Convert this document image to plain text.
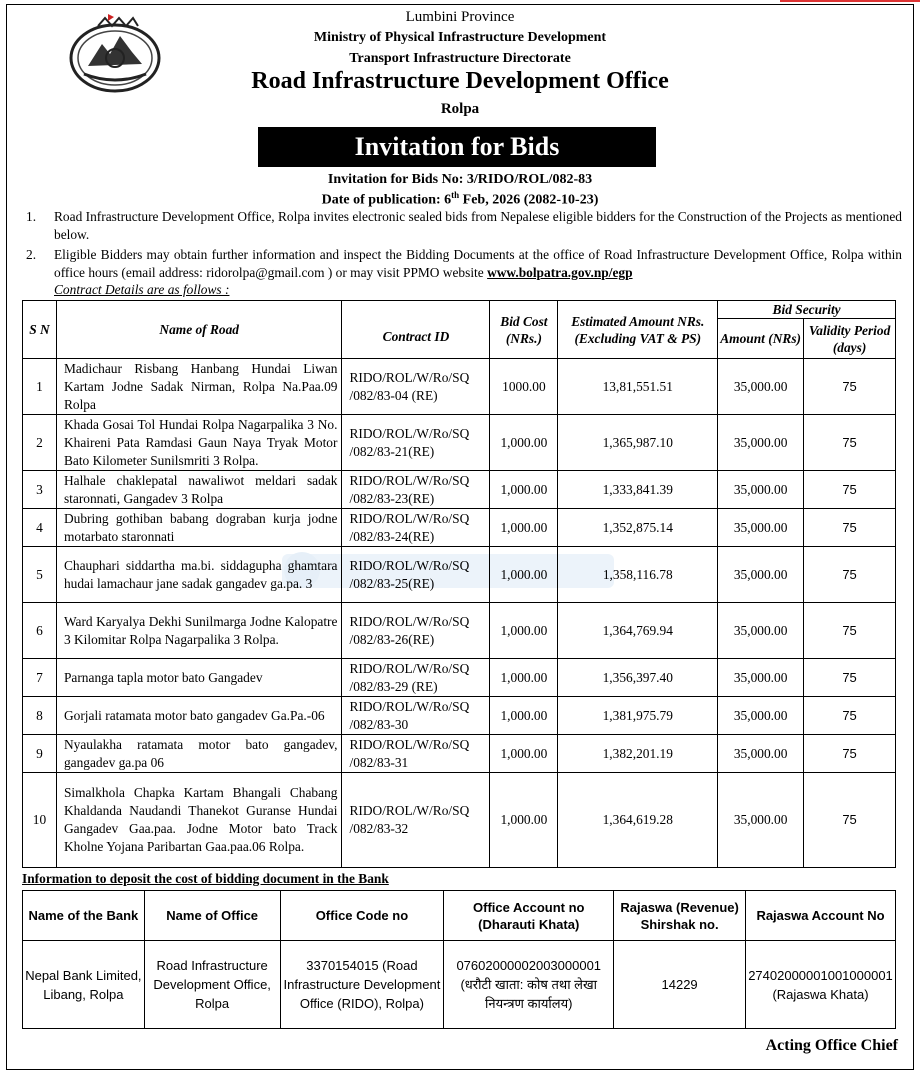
Lumbini Province
Ministry of Physical Infrastructure Development
Transport Infrastructure Directorate
Road Infrastructure Development Office
Rolpa
Invitation for Bids
Invitation for Bids No: 3/RIDO/ROL/082-83
Date of publication: 6th Feb, 2026 (2082-10-23)
1. Road Infrastructure Development Office, Rolpa invites electronic sealed bids from Nepalese eligible bidders for the Construction of the Projects as mentioned below.
2. Eligible Bidders may obtain further information and inspect the Bidding Documents at the office of Road Infrastructure Development Office, Rolpa within office hours (email address: ridorolpa@gmail.com ) or may visit PPMO website www.bolpatra.gov.np/egp
Contract Details are as follows :
S N	Name of Road	Contract ID	Bid Cost (NRs.)	Estimated Amount NRs. (Excluding VAT & PS)	Bid Security	
					Amount (NRs)	Validity Period (days)
1	Madichaur Risbang Hanbang Hundai Liwan Kartam Jodne Sadak Nirman, Rolpa Na.Paa.09 Rolpa	RIDO/ROL/W/Ro/SQ /082/83-04 (RE)	1000.00	13,81,551.51	35,000.00	75
2	Khada Gosai Tol Hundai Rolpa Nagarpalika 3 No. Khaireni Pata Ramdasi Gaun Naya Tryak Motor Bato Kilometer Sunilsmriti 3 Rolpa.	RIDO/ROL/W/Ro/SQ /082/83-21(RE)	1,000.00	1,365,987.10	35,000.00	75
3	Halhale chaklepatal nawaliwot meldari sadak staronnati, Gangadev 3 Rolpa	RIDO/ROL/W/Ro/SQ /082/83-23(RE)	1,000.00	1,333,841.39	35,000.00	75
4	Dubring gothiban babang dograban kurja jodne motarbato staronnati	RIDO/ROL/W/Ro/SQ /082/83-24(RE)	1,000.00	1,352,875.14	35,000.00	75
5	Chauphari siddartha ma.bi. siddagupha ghamtara hudai lamachaur jane sadak gangadev ga.pa. 3	RIDO/ROL/W/Ro/SQ /082/83-25(RE)	1,000.00	1,358,116.78	35,000.00	75
6	Ward Karyalya Dekhi Sunilmarga Jodne Kalopatre 3 Kilomitar Rolpa Nagarpalika 3 Rolpa.	RIDO/ROL/W/Ro/SQ /082/83-26(RE)	1,000.00	1,364,769.94	35,000.00	75
7	Parnanga tapla motor bato Gangadev	RIDO/ROL/W/Ro/SQ /082/83-29 (RE)	1,000.00	1,356,397.40	35,000.00	75
8	Gorjali ratamata motor bato gangadev Ga.Pa.-06	RIDO/ROL/W/Ro/SQ /082/83-30	1,000.00	1,381,975.79	35,000.00	75
9	Nyaulakha ratamata motor bato gangadev, gangadev ga.pa 06	RIDO/ROL/W/Ro/SQ /082/83-31	1,000.00	1,382,201.19	35,000.00	75
10	Simalkhola Chapka Kartam Bhangali Chabang Khaldanda Naudandi Thanekot Guranse Hundai Gangadev Gaa.paa. Jodne Motor bato Track Kholne Yojana Paribartan Gaa.paa.06 Rolpa.	RIDO/ROL/W/Ro/SQ /082/83-32	1,000.00	1,364,619.28	35,000.00	75
Information to deposit the cost of bidding document in the Bank
Name of the Bank	Name of Office	Office Code no	Office Account no (Dharauti Khata)	Rajaswa (Revenue) Shirshak no.	Rajaswa Account No
Nepal Bank Limited, Libang, Rolpa	Road Infrastructure Development Office, Rolpa	3370154015 (Road Infrastructure Development Office (RIDO), Rolpa)	07602000002003000001 (धरौटी खाता: कोष तथा लेखा नियन्त्रण कार्यालय)	14229	27402000001001000001 (Rajaswa Khata)
Acting Office Chief
